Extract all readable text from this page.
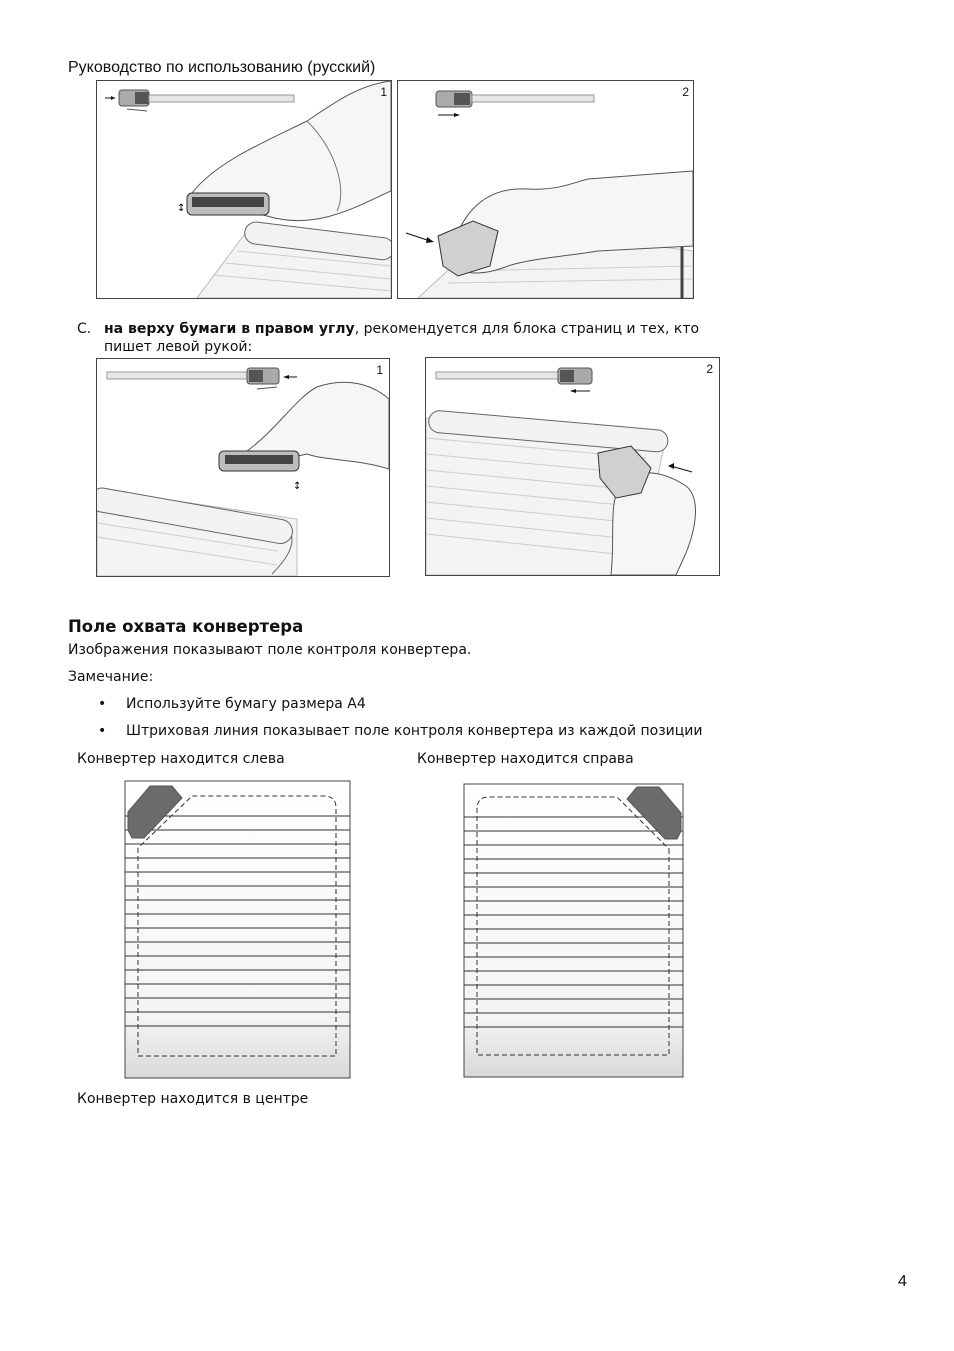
Руководство по использованию (русский)
↕
1	2
C. на верху бумаги в правом углу, рекомендуется для блока страниц и тех, кто
пишет левой рукой:
↕
1	2
Поле охвата конвертера
Изображения показывают поле контроля конвертера.
Замечание:
• Используйте бумагу размера A4
• Штриховая линия показывает поле контроля конвертера из каждой позиции
Конвертер находится слева	Конвертер находится справа
Конвертер находится в центре
4
